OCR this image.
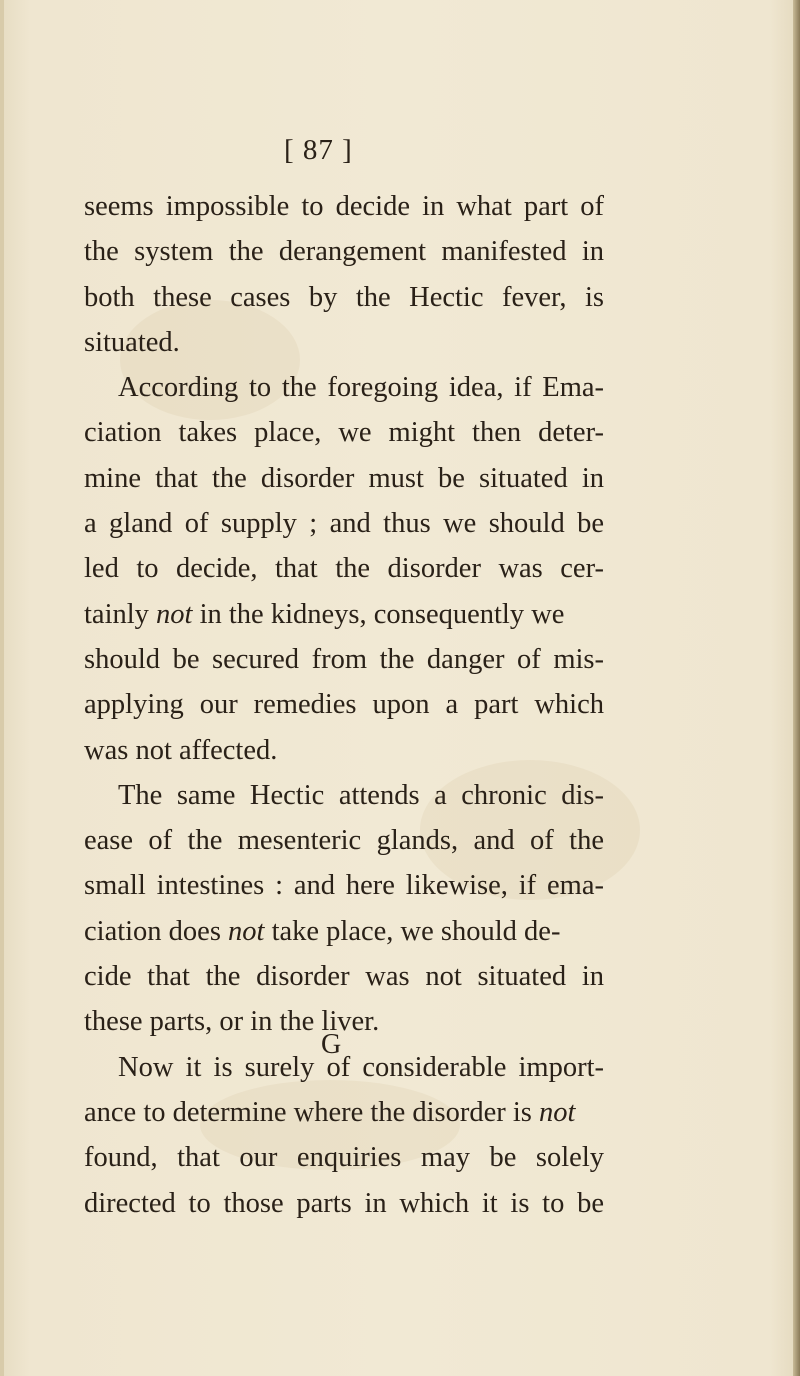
[ 87 ]
seems impossible to decide in what part of
the system the derangement manifested in
both these cases by the Hectic fever, is
situated.
According to the foregoing idea, if Ema-
ciation takes place, we might then deter-
mine that the disorder must be situated in
a gland of supply ; and thus we should be
led to decide, that the disorder was cer-
tainly not in the kidneys, consequently we
should be secured from the danger of mis-
applying our remedies upon a part which
was not affected.
The same Hectic attends a chronic dis-
ease of the mesenteric glands, and of the
small intestines : and here likewise, if ema-
ciation does not take place, we should de-
cide that the disorder was not situated in
these parts, or in the liver.
Now it is surely of considerable import-
ance to determine where the disorder is not
found, that our enquiries may be solely
directed to those parts in which it is to be
G
